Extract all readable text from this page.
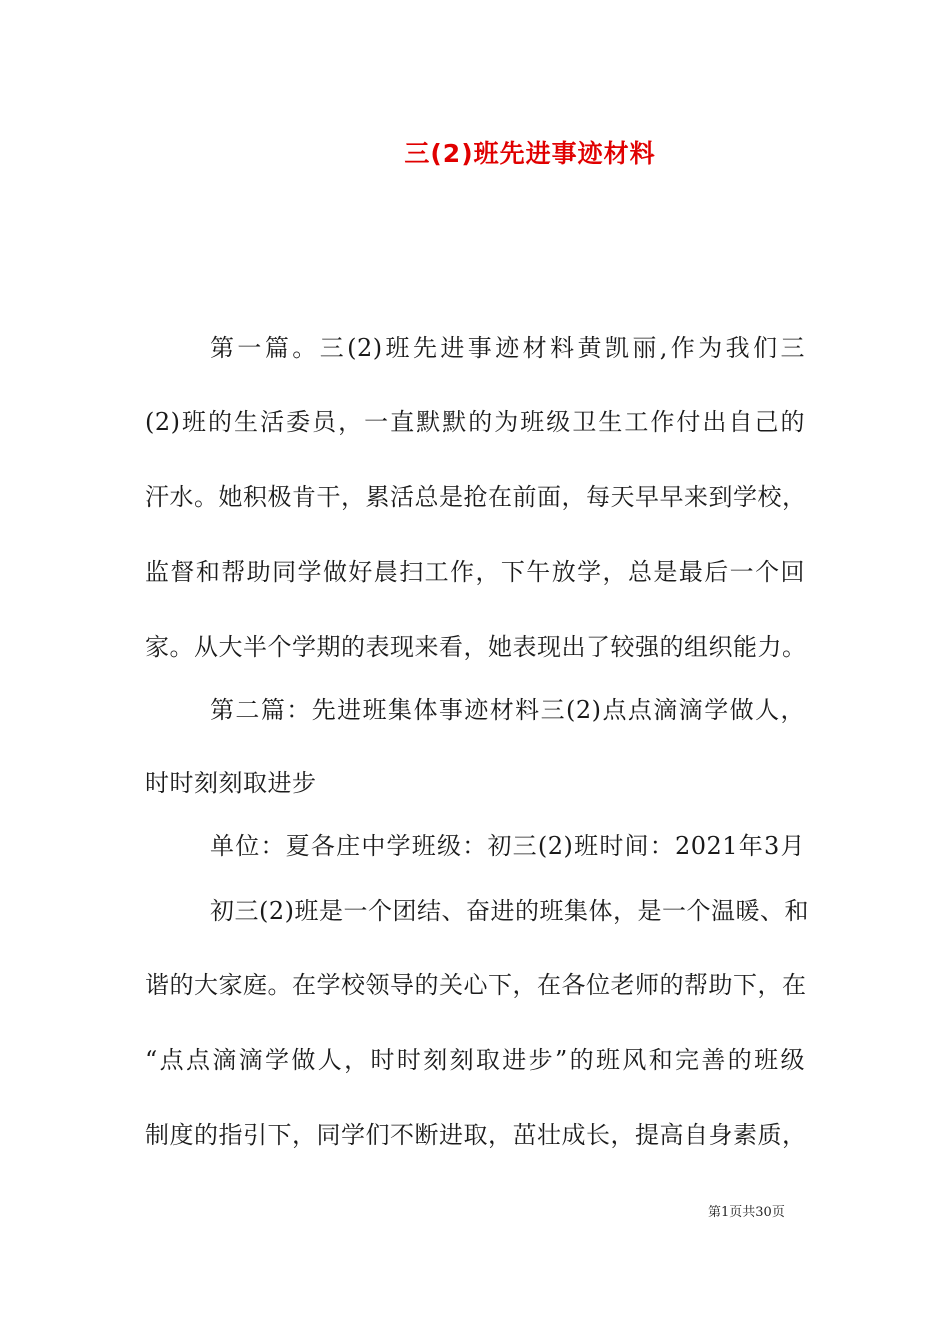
三(2)班先进事迹材料
第一篇。三(2)班先进事迹材料黄凯丽,作为我们三
(2)班的生活委员，一直默默的为班级卫生工作付出自己的
汗水。她积极肯干，累活总是抢在前面，每天早早来到学校，
监督和帮助同学做好晨扫工作，下午放学，总是最后一个回
家。从大半个学期的表现来看，她表现出了较强的组织能力。
第二篇：先进班集体事迹材料三(2)点点滴滴学做人，
时时刻刻取进步
单位：夏各庄中学班级：初三(2)班时间：2021年3月
初三(2)班是一个团结、奋进的班集体，是一个温暖、和
谐的大家庭。在学校领导的关心下，在各位老师的帮助下，在
“点点滴滴学做人，时时刻刻取进步”的班风和完善的班级
制度的指引下，同学们不断进取，茁壮成长，提高自身素质，
第1页共30页
